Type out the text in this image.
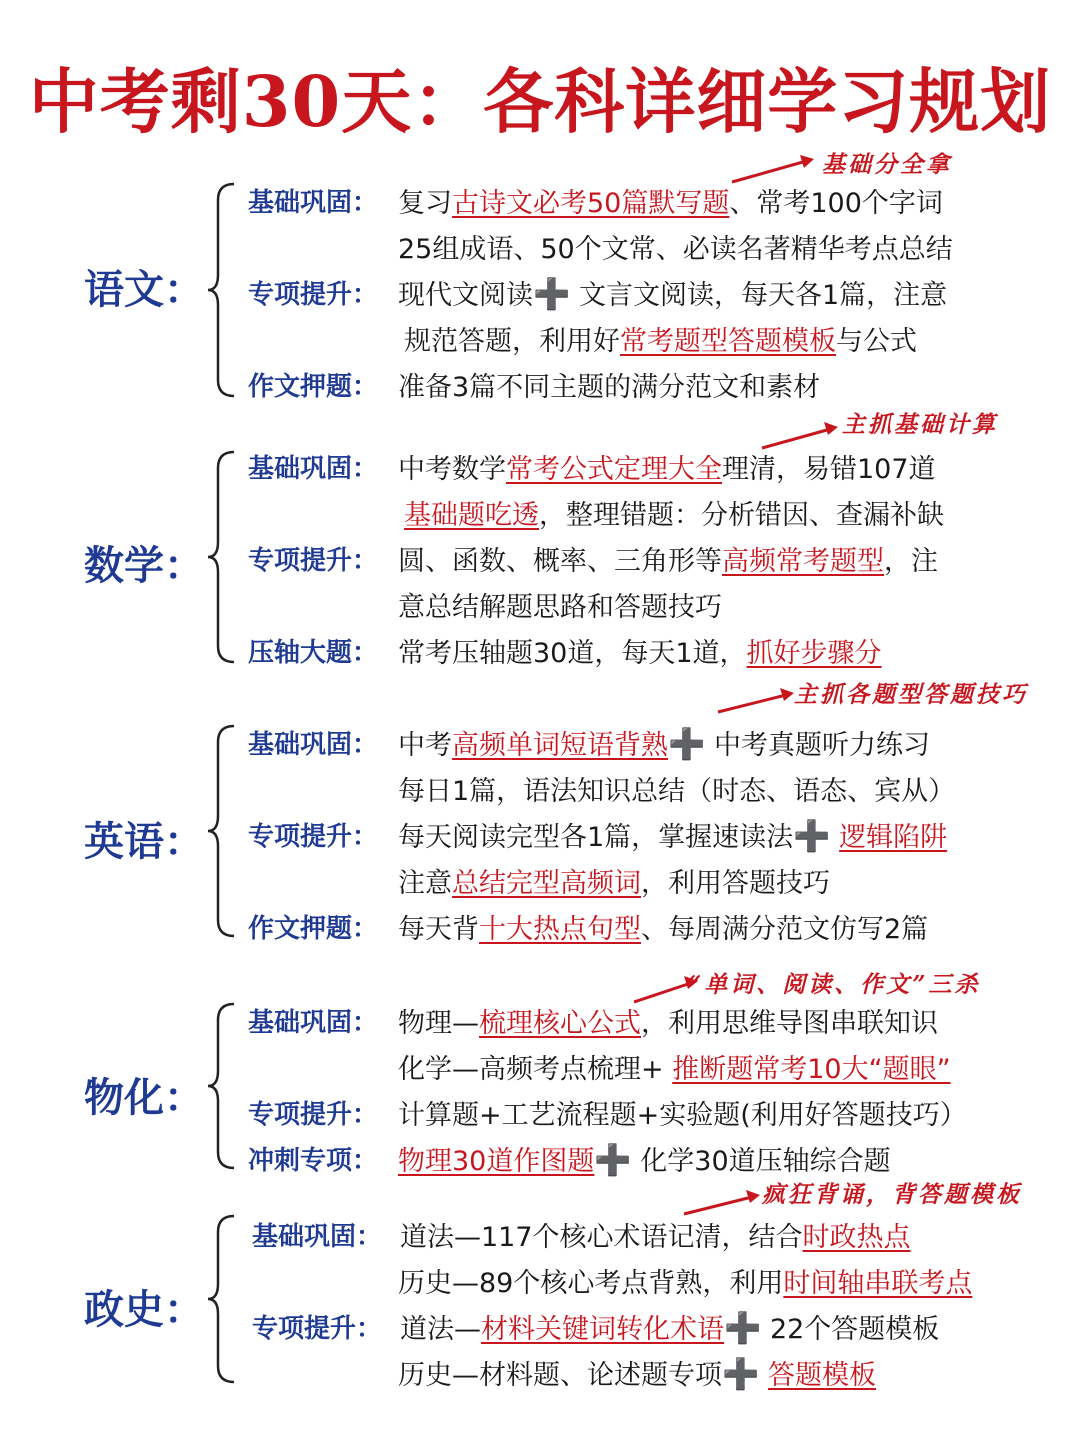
中考剩30天：各科详细学习规划
语文：
基础分全拿
基础巩固： 复习古诗文必考50篇默写题、常考100个字词
25组成语、50个文常、必读名著精华考点总结
专项提升： 现代文阅读➕ 文言文阅读，每天各1篇，注意
规范答题，利用好常考题型答题模板与公式
作文押题： 准备3篇不同主题的满分范文和素材
数学：
主抓基础计算
基础巩固： 中考数学常考公式定理大全理清，易错107道
基础题吃透，整理错题：分析错因、查漏补缺
专项提升： 圆、函数、概率、三角形等高频常考题型，注
意总结解题思路和答题技巧
压轴大题： 常考压轴题30道，每天1道，抓好步骤分
英语：
主抓各题型答题技巧
基础巩固： 中考高频单词短语背熟➕ 中考真题听力练习
每日1篇，语法知识总结（时态、语态、宾从）
专项提升： 每天阅读完型各1篇，掌握速读法➕ 逻辑陷阱
注意总结完型高频词，利用答题技巧
作文押题： 每天背十大热点句型、每周满分范文仿写2篇
物化：
“单词、阅读、作文”三杀
基础巩固： 物理—梳理核心公式，利用思维导图串联知识
化学—高频考点梳理+ 推断题常考10大“题眼”
专项提升： 计算题+工艺流程题+实验题(利用好答题技巧）
冲刺专项： 物理30道作图题➕ 化学30道压轴综合题
政史：
疯狂背诵，背答题模板
基础巩固： 道法—117个核心术语记清，结合时政热点
历史—89个核心考点背熟，利用时间轴串联考点
专项提升： 道法—材料关键词转化术语➕ 22个答题模板
历史—材料题、论述题专项➕ 答题模板
